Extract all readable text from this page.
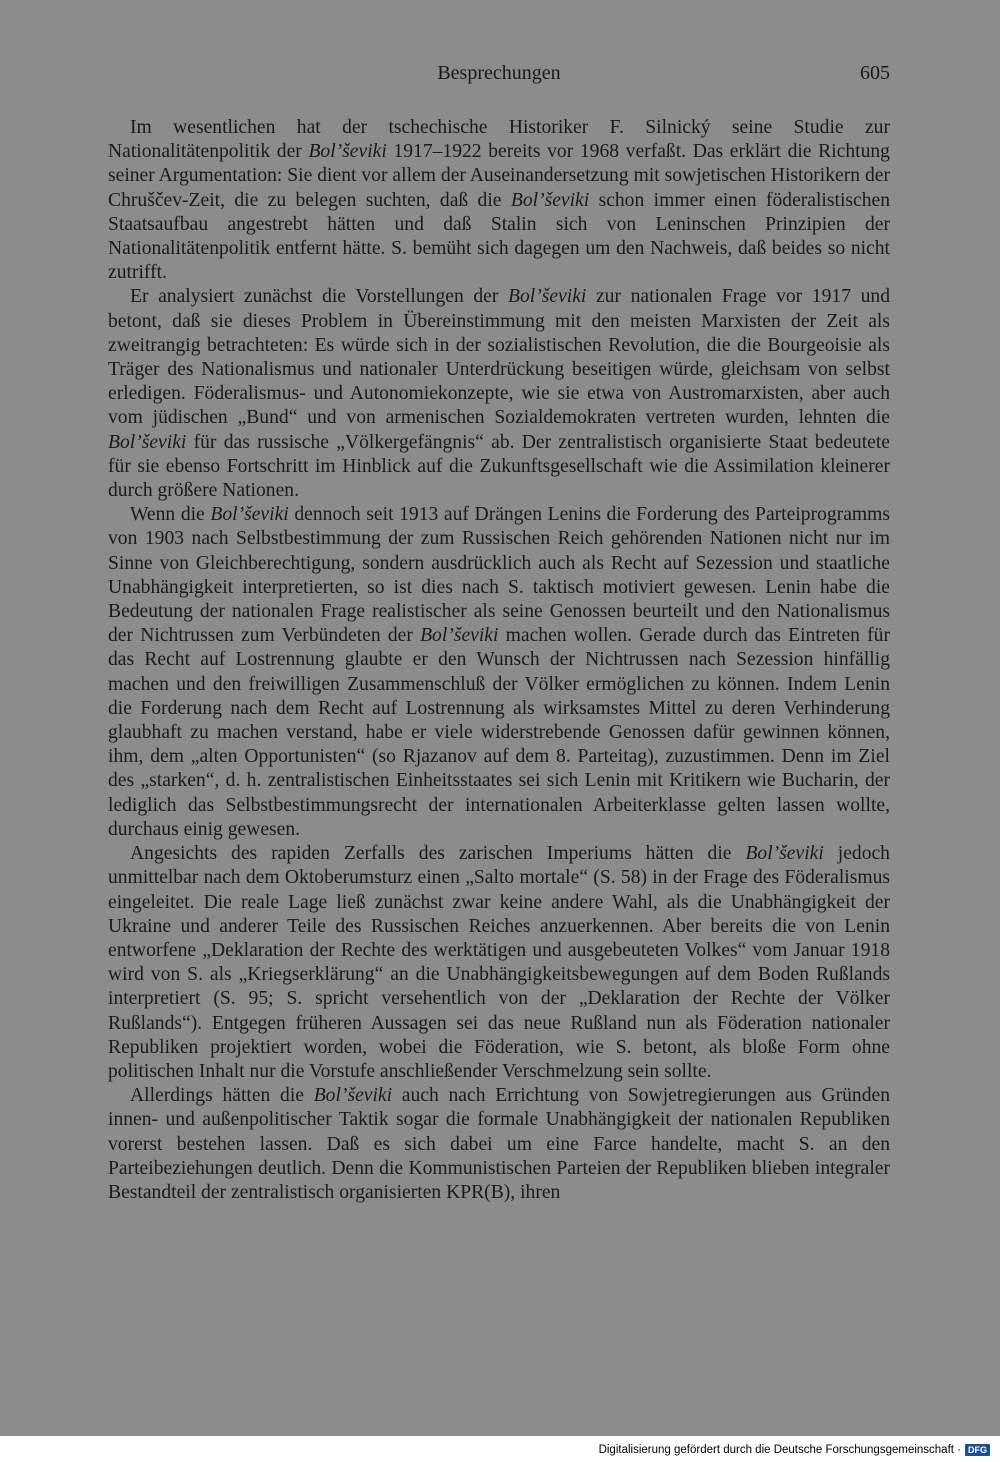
Besprechungen	605

Im wesentlichen hat der tschechische Historiker F. Silnický seine Studie zur Nationalitätenpolitik der Bol’ševiki 1917–1922 bereits vor 1968 verfaßt. Das erklärt die Richtung seiner Argumentation: Sie dient vor allem der Auseinandersetzung mit sowjetischen Historikern der Chruščev-Zeit, die zu belegen suchten, daß die Bol’ševiki schon immer einen föderalistischen Staatsaufbau angestrebt hätten und daß Stalin sich von Leninschen Prinzipien der Nationalitätenpolitik entfernt hätte. S. bemüht sich dagegen um den Nachweis, daß beides so nicht zutrifft.

Er analysiert zunächst die Vorstellungen der Bol’ševiki zur nationalen Frage vor 1917 und betont, daß sie dieses Problem in Übereinstimmung mit den meisten Marxisten der Zeit als zweitrangig betrachteten: Es würde sich in der sozialistischen Revolution, die die Bourgeoisie als Träger des Nationalismus und nationaler Unterdrückung beseitigen würde, gleichsam von selbst erledigen. Föderalismus- und Autonomiekonzepte, wie sie etwa von Austromarxisten, aber auch vom jüdischen „Bund“ und von armenischen Sozialdemokraten vertreten wurden, lehnten die Bol’ševiki für das russische „Völkergefängnis“ ab. Der zentralistisch organisierte Staat bedeutete für sie ebenso Fortschritt im Hinblick auf die Zukunftsgesellschaft wie die Assimilation kleinerer durch größere Nationen.

Wenn die Bol’ševiki dennoch seit 1913 auf Drängen Lenins die Forderung des Parteiprogramms von 1903 nach Selbstbestimmung der zum Russischen Reich gehörenden Nationen nicht nur im Sinne von Gleichberechtigung, sondern ausdrücklich auch als Recht auf Sezession und staatliche Unabhängigkeit interpretierten, so ist dies nach S. taktisch motiviert gewesen. Lenin habe die Bedeutung der nationalen Frage realistischer als seine Genossen beurteilt und den Nationalismus der Nichtrussen zum Verbündeten der Bol’ševiki machen wollen. Gerade durch das Eintreten für das Recht auf Lostrennung glaubte er den Wunsch der Nichtrussen nach Sezession hinfällig machen und den freiwilligen Zusammenschluß der Völker ermöglichen zu können. Indem Lenin die Forderung nach dem Recht auf Lostrennung als wirksamstes Mittel zu deren Verhinderung glaubhaft zu machen verstand, habe er viele widerstrebende Genossen dafür gewinnen können, ihm, dem „alten Opportunisten“ (so Rjazanov auf dem 8. Parteitag), zuzustimmen. Denn im Ziel des „starken“, d. h. zentralistischen Einheitsstaates sei sich Lenin mit Kritikern wie Bucharin, der lediglich das Selbstbestimmungsrecht der internationalen Arbeiterklasse gelten lassen wollte, durchaus einig gewesen.

Angesichts des rapiden Zerfalls des zarischen Imperiums hätten die Bol’ševiki jedoch unmittelbar nach dem Oktoberumsturz einen „Salto mortale“ (S. 58) in der Frage des Föderalismus eingeleitet. Die reale Lage ließ zunächst zwar keine andere Wahl, als die Unabhängigkeit der Ukraine und anderer Teile des Russischen Reiches anzuerkennen. Aber bereits die von Lenin entworfene „Deklaration der Rechte des werktätigen und ausgebeuteten Volkes“ vom Januar 1918 wird von S. als „Kriegserklärung“ an die Unabhängigkeitsbewegungen auf dem Boden Rußlands interpretiert (S. 95; S. spricht versehentlich von der „Deklaration der Rechte der Völker Rußlands“). Entgegen früheren Aussagen sei das neue Rußland nun als Föderation nationaler Republiken projektiert worden, wobei die Föderation, wie S. betont, als bloße Form ohne politischen Inhalt nur die Vorstufe anschließender Verschmelzung sein sollte.

Allerdings hätten die Bol’ševiki auch nach Errichtung von Sowjetregierungen aus Gründen innen- und außenpolitischer Taktik sogar die formale Unabhängigkeit der nationalen Republiken vorerst bestehen lassen. Daß es sich dabei um eine Farce handelte, macht S. an den Parteibeziehungen deutlich. Denn die Kommunistischen Parteien der Republiken blieben integraler Bestandteil der zentralistisch organisierten KPR(B), ihren

Digitalisierung gefördert durch die Deutsche Forschungsgemeinschaft · DFG
